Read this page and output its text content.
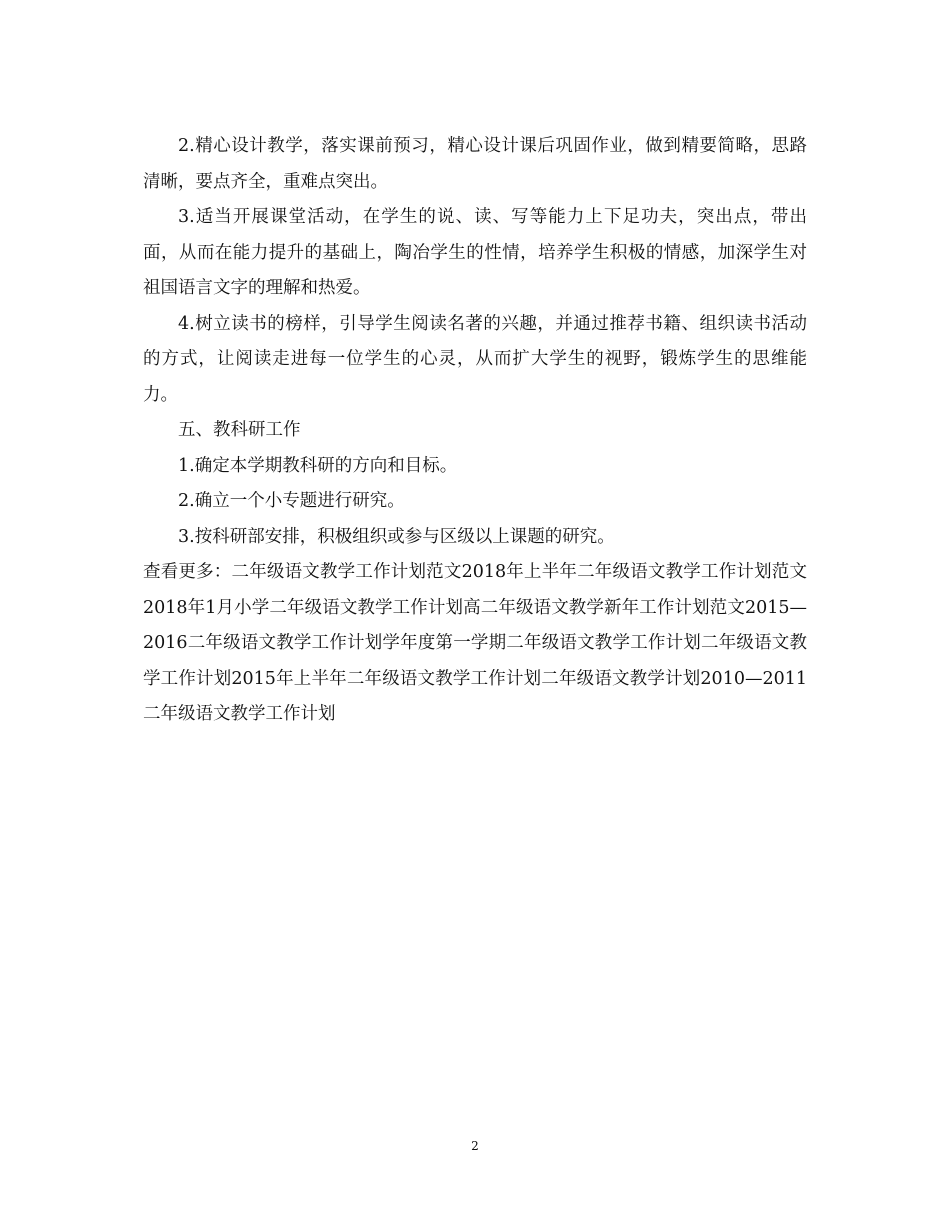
2.精心设计教学，落实课前预习，精心设计课后巩固作业，做到精要简略，思路清晰，要点齐全，重难点突出。

3.适当开展课堂活动，在学生的说、读、写等能力上下足功夫，突出点，带出面，从而在能力提升的基础上，陶冶学生的性情，培养学生积极的情感，加深学生对祖国语言文字的理解和热爱。

4.树立读书的榜样，引导学生阅读名著的兴趣，并通过推荐书籍、组织读书活动的方式，让阅读走进每一位学生的心灵，从而扩大学生的视野，锻炼学生的思维能力。

五、教科研工作

1.确定本学期教科研的方向和目标。

2.确立一个小专题进行研究。

3.按科研部安排，积极组织或参与区级以上课题的研究。

查看更多：二年级语文教学工作计划范文2018年上半年二年级语文教学工作计划范文2018年1月小学二年级语文教学工作计划高二年级语文教学新年工作计划范文2015—2016二年级语文教学工作计划学年度第一学期二年级语文教学工作计划二年级语文教学工作计划2015年上半年二年级语文教学工作计划二年级语文教学计划2010—2011二年级语文教学工作计划

2
